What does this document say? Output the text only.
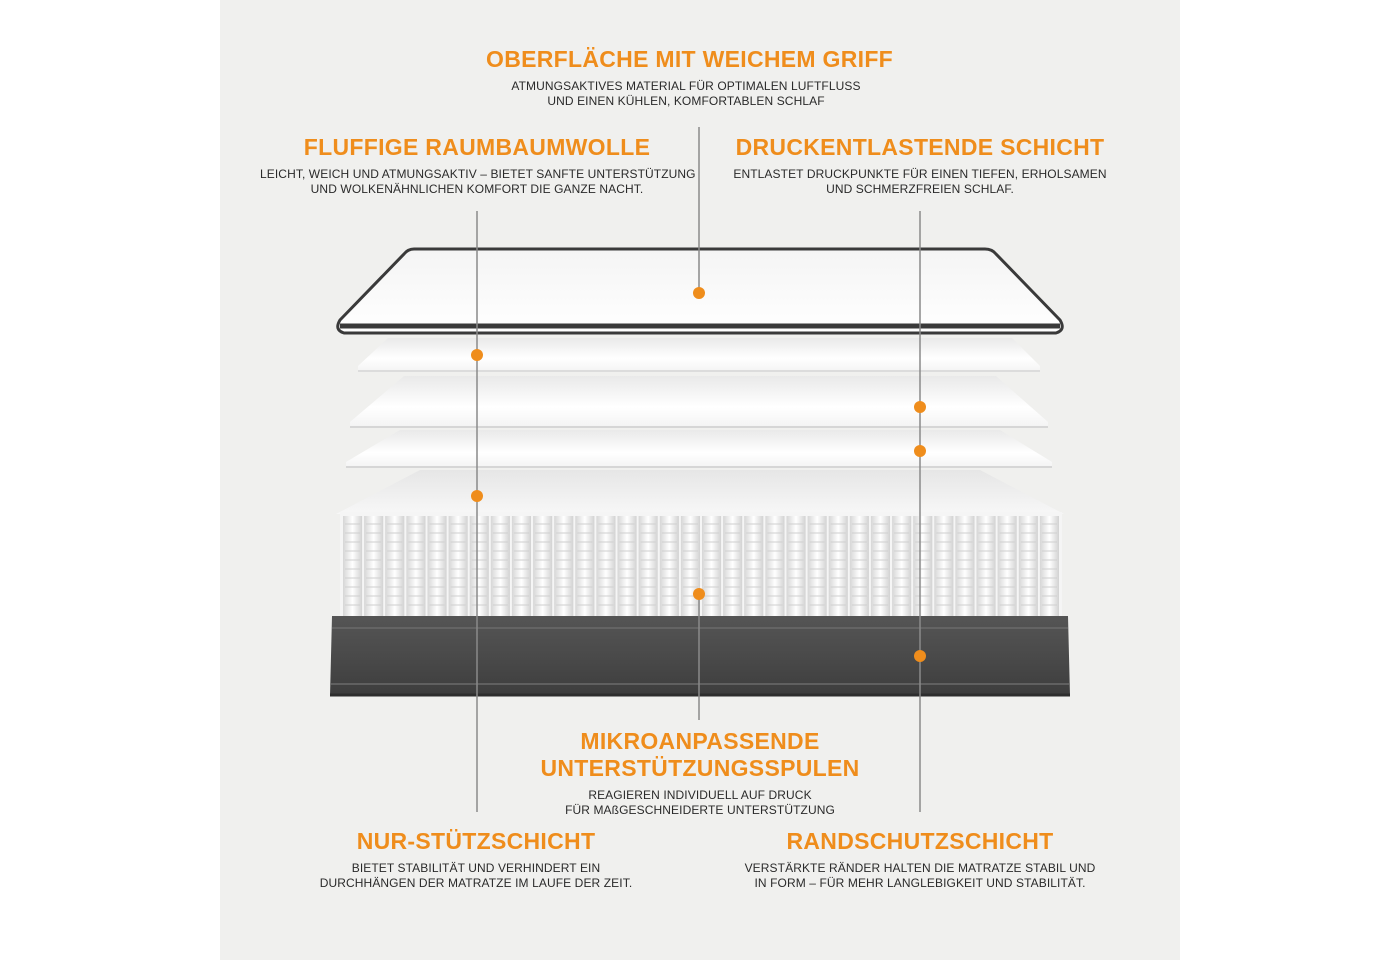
OBERFLÄCHE MIT WEICHEM GRIFF
ATMUNGSAKTIVES MATERIAL FÜR OPTIMALEN LUFTFLUSS
UND EINEN KÜHLEN, KOMFORTABLEN SCHLAF
FLUFFIGE RAUMBAUMWOLLE
LEICHT, WEICH UND ATMUNGSAKTIV – BIETET SANFTE UNTERSTÜTZUNG
UND WOLKENÄHNLICHEN KOMFORT DIE GANZE NACHT.
DRUCKENTLASTENDE SCHICHT
ENTLASTET DRUCKPUNKTE FÜR EINEN TIEFEN, ERHOLSAMEN
UND SCHMERZFREIEN SCHLAF.
MIKROANPASSENDE
UNTERSTÜTZUNGSSPULEN
REAGIEREN INDIVIDUELL AUF DRUCK
FÜR MAßGESCHNEIDERTE UNTERSTÜTZUNG
NUR-STÜTZSCHICHT
BIETET STABILITÄT UND VERHINDERT EIN
DURCHHÄNGEN DER MATRATZE IM LAUFE DER ZEIT.
RANDSCHUTZSCHICHT
VERSTÄRKTE RÄNDER HALTEN DIE MATRATZE STABIL UND
IN FORM – FÜR MEHR LANGLEBIGKEIT UND STABILITÄT.
